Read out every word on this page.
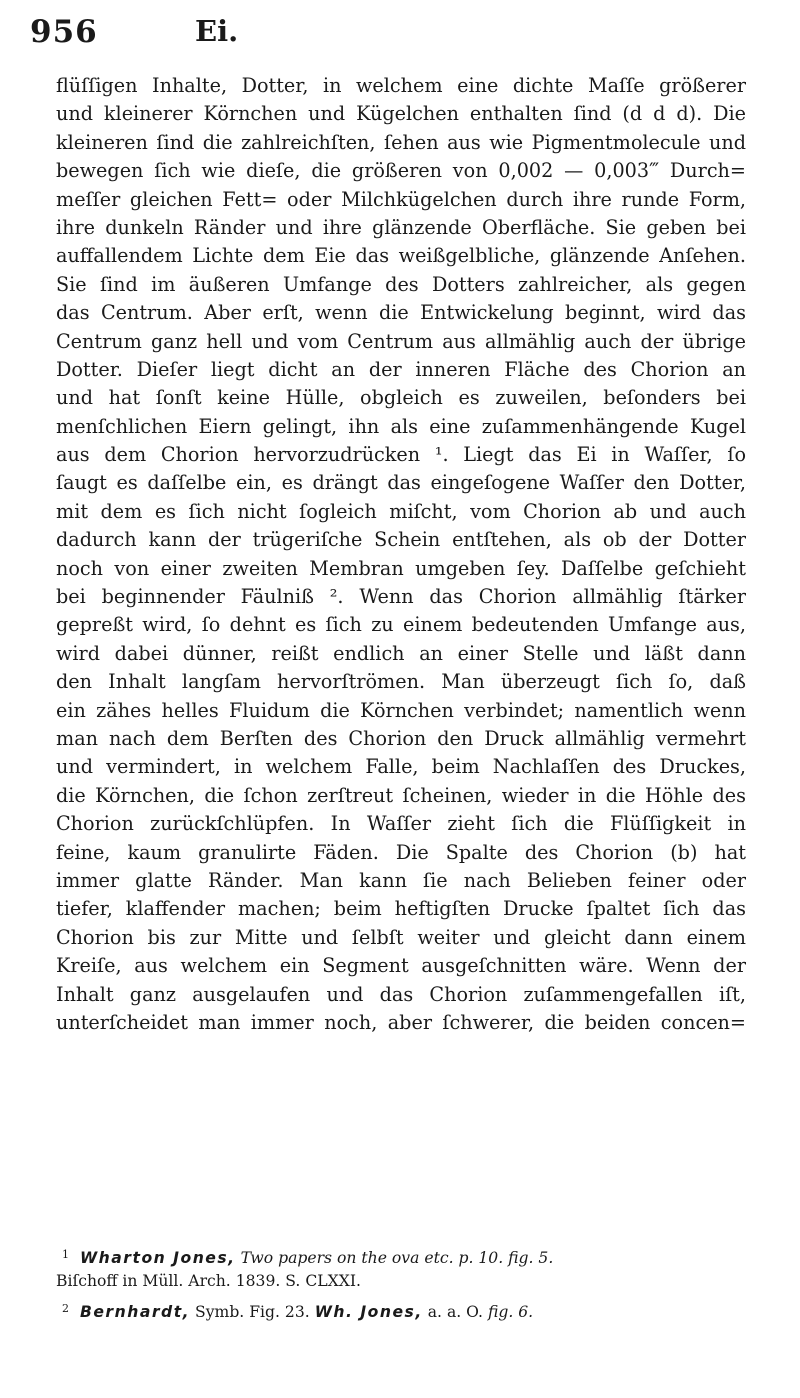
956	Ei.
flüſſigen Inhalte, Dotter, in welchem eine dichte Maſſe größerer
und kleinerer Körnchen und Kügelchen enthalten ſind (d d d). Die
kleineren ſind die zahlreichſten, ſehen aus wie Pigmentmolecule und
bewegen ſich wie dieſe, die größeren von 0,002 — 0,003‴ Durch=
meſſer gleichen Fett= oder Milchkügelchen durch ihre runde Form,
ihre dunkeln Ränder und ihre glänzende Oberfläche. Sie geben bei
auffallendem Lichte dem Eie das weißgelbliche, glänzende Anſehen.
Sie ſind im äußeren Umfange des Dotters zahlreicher, als gegen
das Centrum. Aber erſt, wenn die Entwickelung beginnt, wird das
Centrum ganz hell und vom Centrum aus allmählig auch der übrige
Dotter. Dieſer liegt dicht an der inneren Fläche des Chorion an
und hat ſonſt keine Hülle, obgleich es zuweilen, beſonders bei
menſchlichen Eiern gelingt, ihn als eine zuſammenhängende Kugel
aus dem Chorion hervorzudrücken ¹. Liegt das Ei in Waſſer, ſo
ſaugt es daſſelbe ein, es drängt das eingeſogene Waſſer den Dotter,
mit dem es ſich nicht ſogleich miſcht, vom Chorion ab und auch
dadurch kann der trügeriſche Schein entſtehen, als ob der Dotter
noch von einer zweiten Membran umgeben ſey. Daſſelbe geſchieht
bei beginnender Fäulniß ². Wenn das Chorion allmählig ſtärker
gepreßt wird, ſo dehnt es ſich zu einem bedeutenden Umfange aus,
wird dabei dünner, reißt endlich an einer Stelle und läßt dann
den Inhalt langſam hervorſtrömen. Man überzeugt ſich ſo, daß
ein zähes helles Fluidum die Körnchen verbindet; namentlich wenn
man nach dem Berſten des Chorion den Druck allmählig vermehrt
und vermindert, in welchem Falle, beim Nachlaſſen des Druckes,
die Körnchen, die ſchon zerſtreut ſcheinen, wieder in die Höhle des
Chorion zurückſchlüpfen. In Waſſer zieht ſich die Flüſſigkeit in
feine, kaum granulirte Fäden. Die Spalte des Chorion (b) hat
immer glatte Ränder. Man kann ſie nach Belieben feiner oder
tiefer, klaffender machen; beim heftigſten Drucke ſpaltet ſich das
Chorion bis zur Mitte und ſelbſt weiter und gleicht dann einem
Kreiſe, aus welchem ein Segment ausgeſchnitten wäre. Wenn der
Inhalt ganz ausgelaufen und das Chorion zuſammengefallen iſt,
unterſcheidet man immer noch, aber ſchwerer, die beiden concen=
$^1$ Wharton Jones, Two papers on the ova etc. p. 10. fig. 5.
Biſchoff in Müll. Arch. 1839. S. CLXXI.
$^2$ Bernhardt, Symb. Fig. 23. Wh. Jones, a. a. O. fig. 6.
